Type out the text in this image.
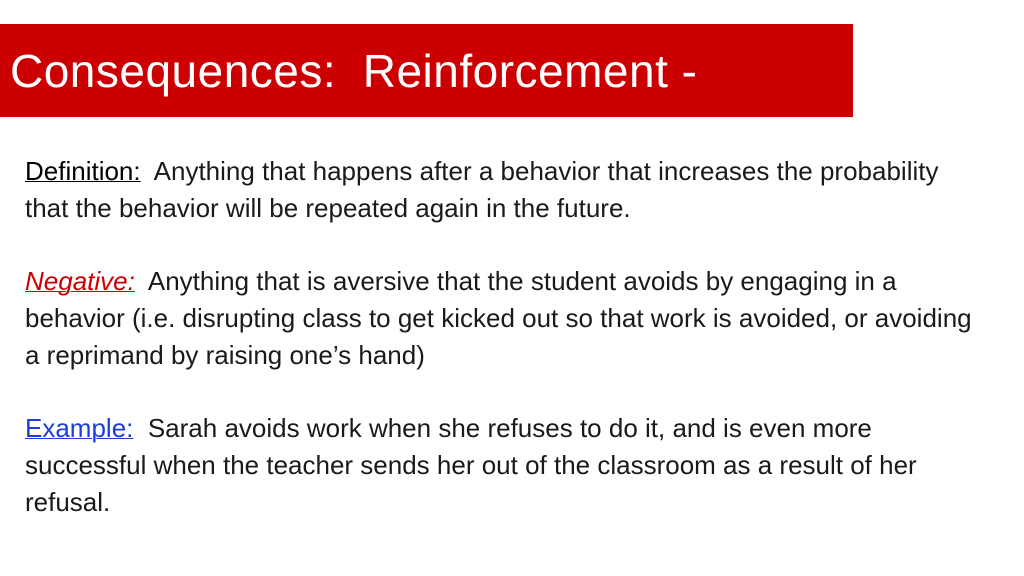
Consequences:  Reinforcement -

Definition: Anything that happens after a behavior that increases the probability that the behavior will be repeated again in the future.

Negative: Anything that is aversive that the student avoids by engaging in a behavior (i.e. disrupting class to get kicked out so that work is avoided, or avoiding a reprimand by raising one’s hand)

Example: Sarah avoids work when she refuses to do it, and is even more successful when the teacher sends her out of the classroom as a result of her refusal.
